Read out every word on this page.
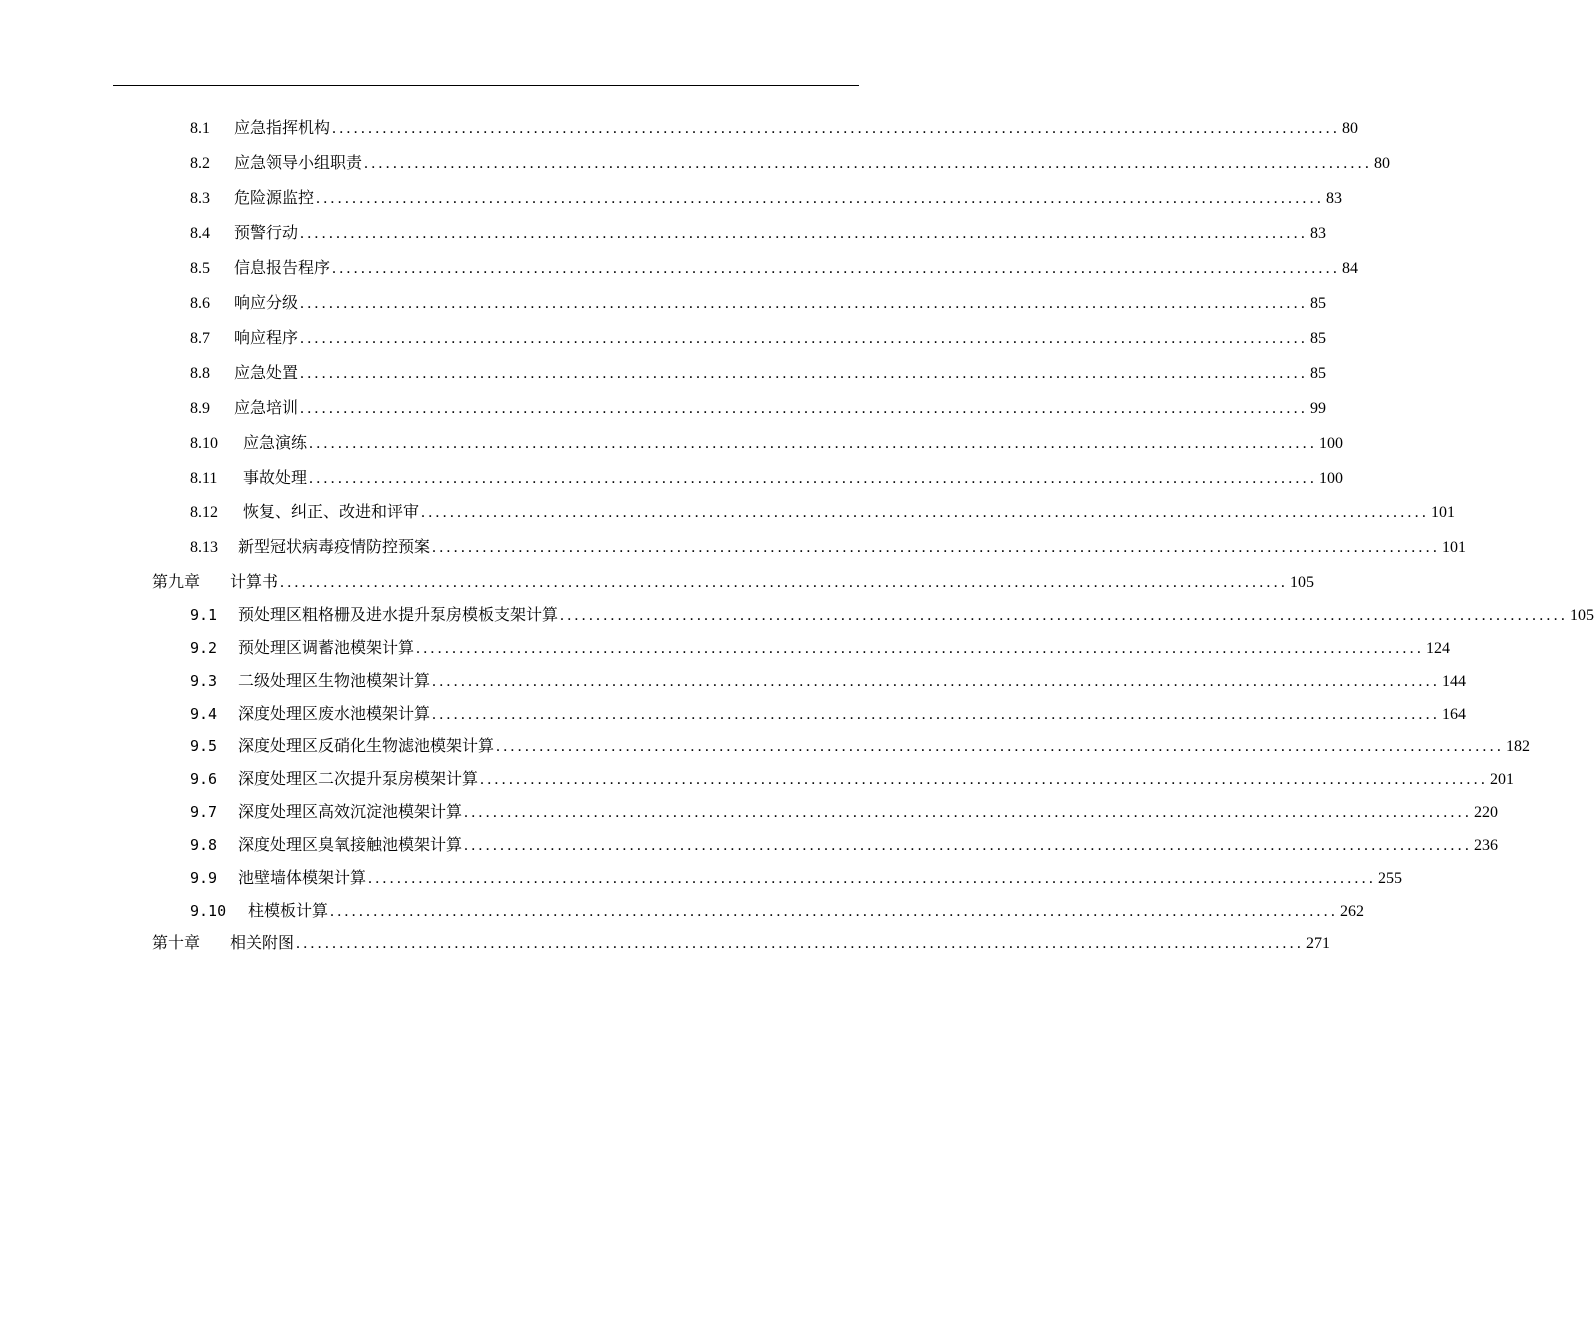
8.1	应急指挥机构 ............................................................................................................................................ 80
8.2	应急领导小组职责 ............................................................................................................................................ 80
8.3	危险源监控 ............................................................................................................................................ 83
8.4	预警行动 ............................................................................................................................................ 83
8.5	信息报告程序 ............................................................................................................................................ 84
8.6	响应分级 ............................................................................................................................................ 85
8.7	响应程序 ............................................................................................................................................ 85
8.8	应急处置 ............................................................................................................................................ 85
8.9	应急培训 ............................................................................................................................................ 99
8.10	应急演练 ............................................................................................................................................ 100
8.11	事故处理 ............................................................................................................................................ 100
8.12	恢复、纠正、改进和评审 ............................................................................................................................................ 101
8.13	新型冠状病毒疫情防控预案 ............................................................................................................................................ 101
第九章	计算书 ............................................................................................................................................ 105
9.1	预处理区粗格栅及进水提升泵房模板支架计算 ............................................................................................................................................ 105
9.2	预处理区调蓄池模架计算 ............................................................................................................................................ 124
9.3	二级处理区生物池模架计算 ............................................................................................................................................ 144
9.4	深度处理区废水池模架计算 ............................................................................................................................................ 164
9.5	深度处理区反硝化生物滤池模架计算 ............................................................................................................................................ 182
9.6	深度处理区二次提升泵房模架计算 ............................................................................................................................................ 201
9.7	深度处理区高效沉淀池模架计算 ............................................................................................................................................ 220
9.8	深度处理区臭氧接触池模架计算 ............................................................................................................................................ 236
9.9	池壁墙体模架计算 ............................................................................................................................................ 255
9.10	柱模板计算 ............................................................................................................................................ 262
第十章	相关附图 ............................................................................................................................................ 271
